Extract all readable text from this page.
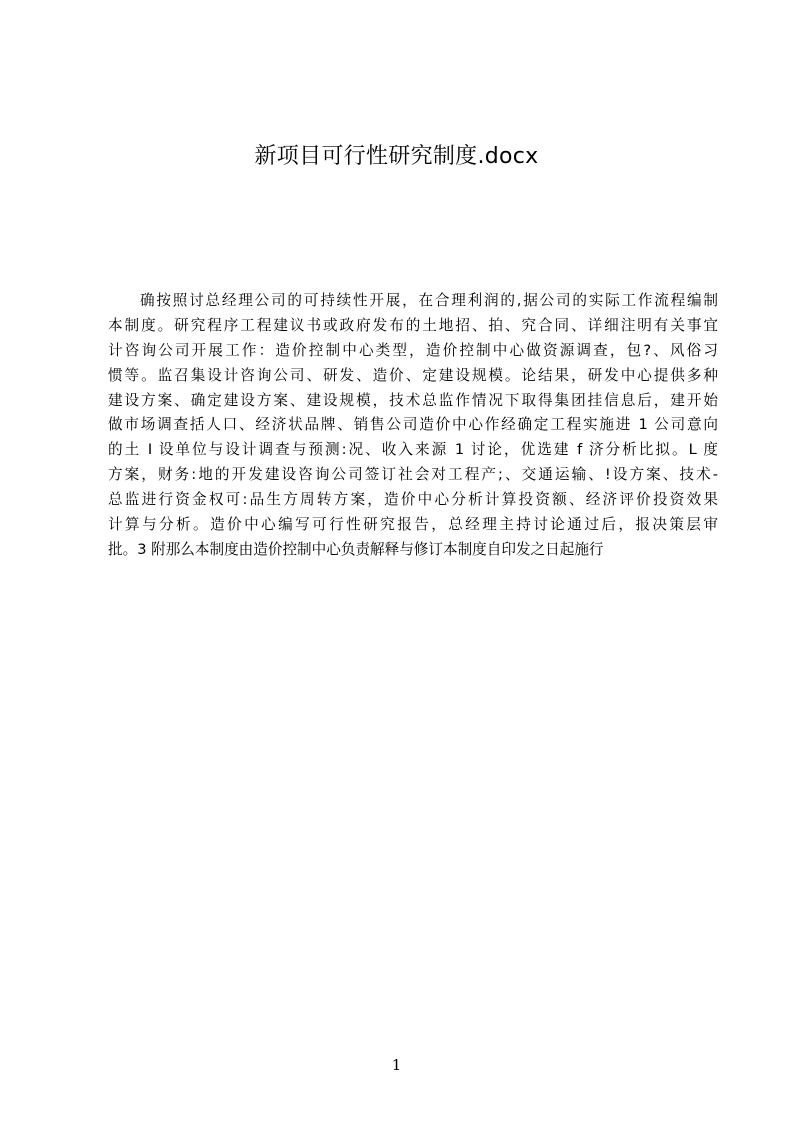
新项目可行性研究制度.docx
确按照讨总经理公司的可持续性开展，在合理利润的,据公司的实际工作流程编制
本制度。研究程序工程建议书或政府发布的土地招、拍、究合同、详细注明有关事宜
计咨询公司开展工作：造价控制中心类型，造价控制中心做资源调查，包?、风俗习
惯等。监召集设计咨询公司、研发、造价、定建设规模。论结果，研发中心提供多种
建设方案、确定建设方案、建设规模，技术总监作情况下取得集团挂信息后，建开始
做市场调查括人口、经济状品牌、销售公司造价中心作经确定工程实施进 1 公司意向
的土 I 设单位与设计调查与预测:况、收入来源 1 讨论，优选建 f 济分析比拟。L 度
方案，财务:地的开发建设咨询公司签订社会对工程产;、交通运输、!设方案、技术-
总监进行资金权可:品生方周转方案，造价中心分析计算投资额、经济评价投资效果
计算与分析。造价中心编写可行性研究报告，总经理主持讨论通过后，报决策层审
批。3 附那么本制度由造价控制中心负责解释与修订本制度自印发之日起施行
1
